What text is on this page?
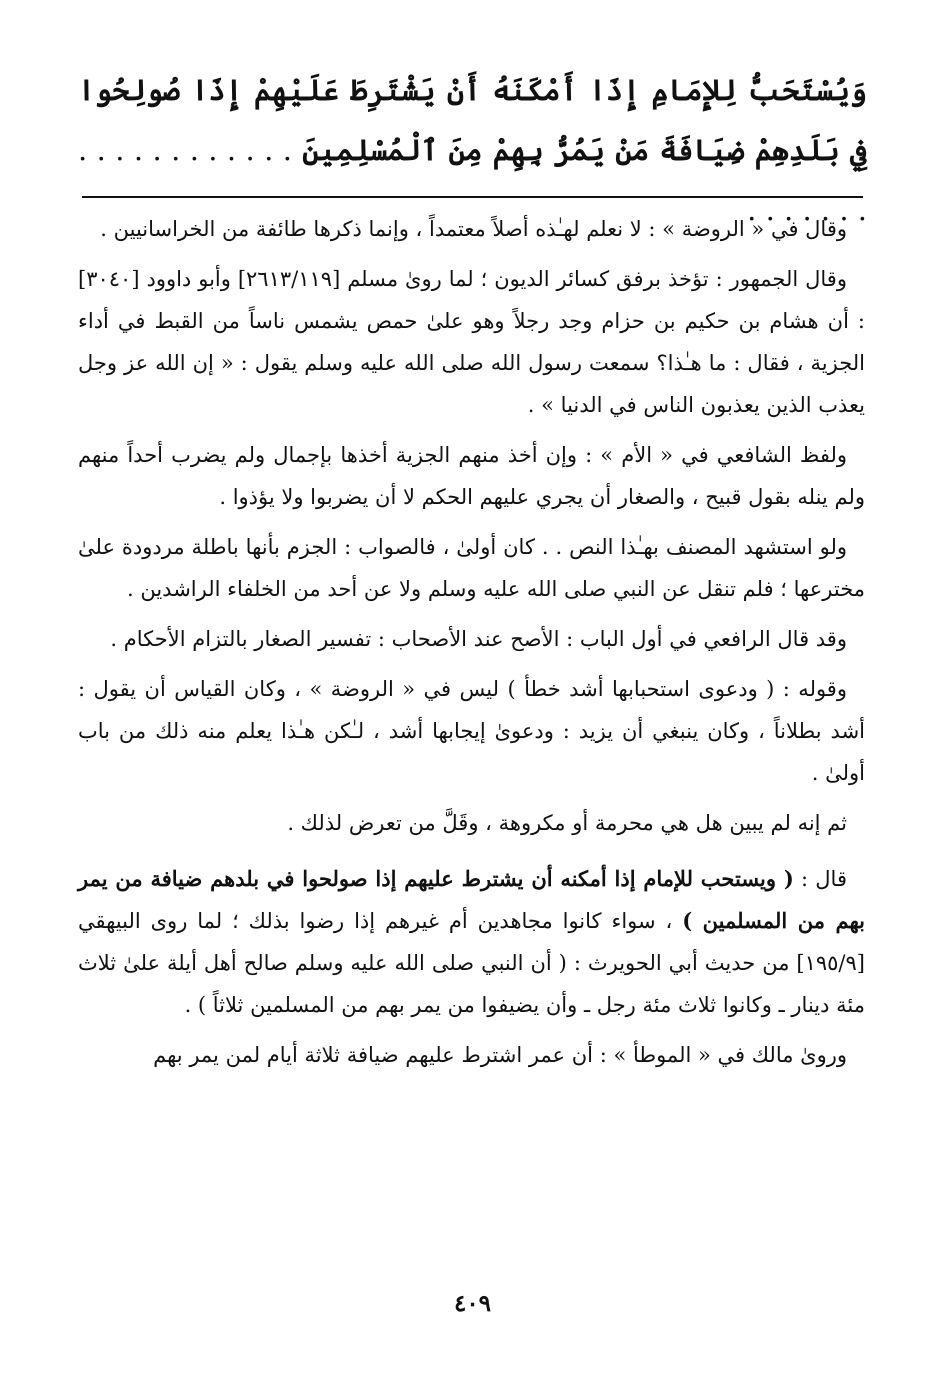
وَيُسْتَحَبُّ لِلإِمَامِ إِذَا أَمْكَنَهُ أَنْ يَشْتَرِطَ عَلَيْهِمْ إِذَا صُولِحُوا فِي بَلَدِهِمْ ضِيَافَةَ مَنْ يَمُرُّ بِهِمْ مِنَ ٱلْمُسْلِمِينَ . . . . . . . . . . . . . . . . . . .

وقال في « الروضة » : لا نعلم لهـٰذه أصلاً معتمداً ، وإنما ذكرها طائفة من الخراسانيين .

وقال الجمهور : تؤخذ برفق كسائر الديون ؛ لما روىٰ مسلم [٢٦١٣/١١٩] وأبو داوود [٣٠٤٠] : أن هشام بن حكيم بن حزام وجد رجلاً وهو علىٰ حمص يشمس ناساً من القبط في أداء الجزية ، فقال : ما هـٰذا؟ سمعت رسول الله صلى الله عليه وسلم يقول : « إن الله عز وجل يعذب الذين يعذبون الناس في الدنيا » .

ولفظ الشافعي في « الأم » : وإن أخذ منهم الجزية أخذها بإجمال ولم يضرب أحداً منهم ولم ينله بقول قبيح ، والصغار أن يجري عليهم الحكم لا أن يضربوا ولا يؤذوا .

ولو استشهد المصنف بهـٰذا النص . . كان أولىٰ ، فالصواب : الجزم بأنها باطلة مردودة علىٰ مخترعها ؛ فلم تنقل عن النبي صلى الله عليه وسلم ولا عن أحد من الخلفاء الراشدين .

وقد قال الرافعي في أول الباب : الأصح عند الأصحاب : تفسير الصغار بالتزام الأحكام .

وقوله : ( ودعوى استحبابها أشد خطأ ) ليس في « الروضة » ، وكان القياس أن يقول : أشد بطلاناً ، وكان ينبغي أن يزيد : ودعوىٰ إيجابها أشد ، لـٰكن هـٰذا يعلم منه ذلك من باب أولىٰ .

ثم إنه لم يبين هل هي محرمة أو مكروهة ، وقَلَّ من تعرض لذلك .

قال : ( ويستحب للإمام إذا أمكنه أن يشترط عليهم إذا صولحوا في بلدهم ضيافة من يمر بهم من المسلمين ) ، سواء كانوا مجاهدين أم غيرهم إذا رضوا بذلك ؛ لما روى البيهقي [١٩٥/٩] من حديث أبي الحويرث : ( أن النبي صلى الله عليه وسلم صالح أهل أيلة علىٰ ثلاث مئة دينار ـ وكانوا ثلاث مئة رجل ـ وأن يضيفوا من يمر بهم من المسلمين ثلاثاً ) .

وروىٰ مالك في « الموطأ » : أن عمر اشترط عليهم ضيافة ثلاثة أيام لمن يمر بهم

٤٠٩
